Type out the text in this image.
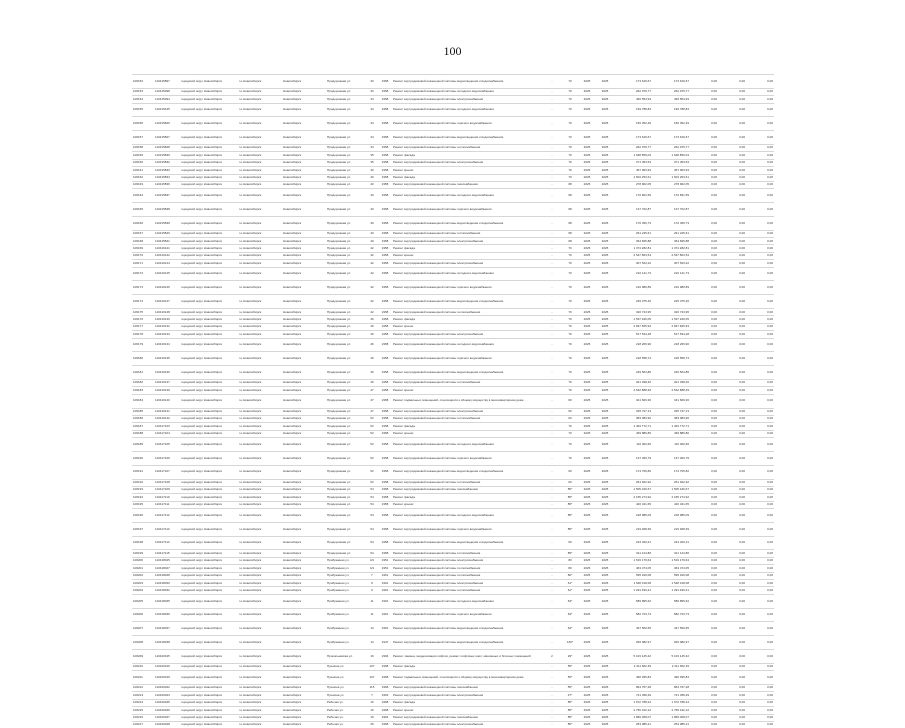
100
106152	110415897	городской округ Новосибирск	г.о.Новосибирск	Новосибирск	Придорожная ул.	33	1958	Ремонт внутридомовой инженерной системы водоотведения и водоснабжения	-	70	2025	2025	173 619,67	173 619,67	0,00	0,00	0,00
106153	110415098	городской округ Новосибирск	г.о.Новосибирск	Новосибирск	Придорожная ул.	33	1958	Ремонт внутридомовой инженерной системы холодного водоснабжения	-	70	2025	2025	262 979,77	262 979,77	0,00	0,00	0,00
106154	110415094	городской округ Новосибирск	г.о.Новосибирск	Новосибирск	Придорожная ул.	34	1958	Ремонт внутридомовой инженерной системы электроснабжения	-	70	2025	2025	466 554,93	466 554,93	0,00	0,00	0,00
106155	110415425	городской округ Новосибирск	г.о.Новосибирск	Новосибирск	Придорожная ул.	34	1958	Ремонт внутридомовой инженерной системы холодного водоснабжения	-	70	2025	2025	199 788,84	199 788,84	0,00	0,00	0,00
106156	110415826	городской округ Новосибирск	г.о.Новосибирск	Новосибирск	Придорожная ул.	34	1958	Ремонт внутридомовой инженерной системы горячего водоснабжения	-	70	2025	2025	156 352,49	156 352,49	0,00	0,00	0,00
106157	110415827	городской округ Новосибирск	г.о.Новосибирск	Новосибирск	Придорожная ул.	34	1958	Ремонт внутридомовой инженерной системы водоотведения и водоснабжения	-	70	2025	2025	173 619,67	173 619,67	0,00	0,00	0,00
106158	110415828	городской округ Новосибирск	г.о.Новосибирск	Новосибирск	Придорожная ул.	34	1958	Ремонт внутридомовой инженерной системы теплоснабжения	-	70	2025	2025	262 979,77	262 979,77	0,00	0,00	0,00
106159	110415830	городской округ Новосибирск	г.о.Новосибирск	Новосибирск	Придорожная ул.	35	1958	Ремонт фасада	-	70	2025	2025	1 648 859,03	1 648 859,03	0,00	0,00	0,00
106160	110415832	городской округ Новосибирск	г.о.Новосибирск	Новосибирск	Придорожная ул.	35	1958	Ремонт внутридомовой инженерной системы электроснабжения	-	70	2025	2025	371 353,53	371 353,53	0,00	0,00	0,00
106161	110415833	городской округ Новосибирск	г.о.Новосибирск	Новосибирск	Придорожная ул.	40	1958	Ремонт крыши	-	70	2025	2025	457 963,93	457 963,93	0,00	0,00	0,00
106162	110415834	городской округ Новосибирск	г.о.Новосибирск	Новосибирск	Придорожная ул.	40	1958	Ремонт фасада	-	70	2025	2025	1 603 253,61	1 603 253,61	0,00	0,00	0,00
106163	110415836	городской округ Новосибирск	г.о.Новосибирск	Новосибирск	Придорожная ул.	40	1958	Ремонт внутридомовой инженерной системы газоснабжения	-	68	2025	2025	278 962,05	278 962,05	0,00	0,00	0,00
106164	110415837	городской округ Новосибирск	г.о.Новосибирск	Новосибирск	Придорожная ул.	40	1958	Ремонт внутридомовой инженерной системы холодного водоснабжения	-	68	2025	2025	170 821,59	170 821,59	0,00	0,00	0,00
106165	110415838	городской округ Новосибирск	г.о.Новосибирск	Новосибирск	Придорожная ул.	40	1958	Ремонт внутридомовой инженерной системы горячего водоснабжения	-	68	2025	2025	137 702,87	137 702,87	0,00	0,00	0,00
106166	110415839	городской округ Новосибирск	г.о.Новосибирск	Новосибирск	Придорожная ул.	40	1958	Ремонт внутридомовой инженерной системы водоотведения и водоснабжения	-	68	2025	2025	170 459,73	170 459,73	0,00	0,00	0,00
106167	110415840	городской округ Новосибирск	г.о.Новосибирск	Новосибирск	Придорожная ул.	40	1958	Ремонт внутридомовой инженерной системы теплоснабжения	-	68	2025	2025	261 245,61	261 245,61	0,00	0,00	0,00
106168	110415841	городской округ Новосибирск	г.о.Новосибирск	Новосибирск	Придорожная ул.	40	1958	Ремонт внутридомовой инженерной системы электроснабжения	-	68	2025	2025	364 845,88	364 845,88	0,00	0,00	0,00
106169	110416121	городской округ Новосибирск	г.о.Новосибирск	Новосибирск	Придорожная ул.	42	1958	Ремонт фасада	-	70	2025	2025	1 374 282,81	1 374 282,81	0,00	0,00	0,00
106170	110416122	городской округ Новосибирск	г.о.Новосибирск	Новосибирск	Придорожная ул.	42	1958	Ремонт крыши	-	70	2025	2025	2 547 863,54	2 547 863,54	0,00	0,00	0,00
106171	110416124	городской округ Новосибирск	г.о.Новосибирск	Новосибирск	Придорожная ул.	42	1958	Ремонт внутридомовой инженерной системы электроснабжения	-	70	2025	2025	307 523,22	307 523,22	0,00	0,00	0,00
106172	110416125	городской округ Новосибирск	г.о.Новосибирск	Новосибирск	Придорожная ул.	42	1958	Ремонт внутридомовой инженерной системы холодного водоснабжения	-	70	2025	2025	210 141,73	210 141,73	0,00	0,00	0,00
106173	110416126	городской округ Новосибирск	г.о.Новосибирск	Новосибирск	Придорожная ул.	42	1958	Ремонт внутридомовой инженерной системы горячего водоснабжения	-	70	2025	2025	210 980,89	210 980,89	0,00	0,00	0,00
106174	110416127	городской округ Новосибирск	г.о.Новосибирск	Новосибирск	Придорожная ул.	42	1958	Ремонт внутридомовой инженерной системы водоотведения и водоснабжения	-	70	2025	2025	245 375,40	245 375,40	0,00	0,00	0,00
106175	110416128	городской округ Новосибирск	г.о.Новосибирск	Новосибирск	Придорожная ул.	42	1958	Ремонт внутридомовой инженерной системы теплоснабжения	-	70	2025	2025	320 743,95	320 743,95	0,00	0,00	0,00
106176	110416130	городской округ Новосибирск	г.о.Новосибирск	Новосибирск	Придорожная ул.	46	1958	Ремонт фасада	-	70	2025	2025	1 537 946,05	1 537 946,05	0,00	0,00	0,00
106177	110416132	городской округ Новосибирск	г.о.Новосибирск	Новосибирск	Придорожная ул.	46	1958	Ремонт крыши	-	70	2025	2025	2 847 665,93	2 847 665,93	0,00	0,00	0,00
106178	110416133	городской округ Новосибирск	г.о.Новосибирск	Новосибирск	Придорожная ул.	46	1958	Ремонт внутридомовой инженерной системы электроснабжения	-	70	2025	2025	517 534,28	517 534,28	0,00	0,00	0,00
106179	110416134	городской округ Новосибирск	г.о.Новосибирск	Новосибирск	Придорожная ул.	46	1958	Ремонт внутридомовой инженерной системы холодного водоснабжения	-	70	2025	2025	218 266,90	218 266,90	0,00	0,00	0,00
106180	110416135	городской округ Новосибирск	г.о.Новосибирск	Новосибирск	Придорожная ул.	46	1958	Ремонт внутридомовой инженерной системы горячего водоснабжения	-	70	2025	2025	218 558,74	218 558,74	0,00	0,00	0,00
106181	110416136	городской округ Новосибирск	г.о.Новосибирск	Новосибирск	Придорожная ул.	46	1958	Ремонт внутридомовой инженерной системы водоотведения и водоснабжения	-	70	2025	2025	249 564,86	249 564,86	0,00	0,00	0,00
106182	110416137	городской округ Новосибирск	г.о.Новосибирск	Новосибирск	Придорожная ул.	46	1958	Ремонт внутридомовой инженерной системы теплоснабжения	-	70	2025	2025	321 038,40	321 038,40	0,00	0,00	0,00
106183	110416139	городской округ Новосибирск	г.о.Новосибирск	Новосибирск	Придорожная ул.	47	1958	Ремонт крыши	-	70	2025	2025	2 542 888,49	2 542 888,49	0,00	0,00	0,00
106184	110416140	городской округ Новосибирск	г.о.Новосибирск	Новосибирск	Придорожная ул.	47	1958	Ремонт подвальных помещений, относящихся к общему имуществу в многоквартирном доме	-	60	2025	2025	341 609,36	341 609,36	0,00	0,00	0,00
106185	110416141	городской округ Новосибирск	г.о.Новосибирск	Новосибирск	Придорожная ул.	47	1958	Ремонт внутридомовой инженерной системы электроснабжения	-	60	2025	2025	325 727,13	325 727,13	0,00	0,00	0,00
106186	110416142	городской округ Новосибирск	г.о.Новосибирск	Новосибирск	Придорожная ул.	52	1958	Ремонт внутридомовой инженерной системы теплоснабжения	-	60	2025	2025	383 083,90	383 083,90	0,00	0,00	0,00
106187	110417103	городской округ Новосибирск	г.о.Новосибирск	Новосибирск	Придорожная ул.	52	1958	Ремонт фасада	-	70	2025	2025	1 463 772,71	1 463 772,71	0,00	0,00	0,00
106188	110417104	городской округ Новосибирск	г.о.Новосибирск	Новосибирск	Придорожная ул.	52	1958	Ремонт крыши	-	70	2025	2025	469 886,80	469 886,80	0,00	0,00	0,00
106189	110417105	городской округ Новосибирск	г.о.Новосибирск	Новосибирск	Придорожная ул.	52	1958	Ремонт внутридомовой инженерной системы холодного водоснабжения	-	70	2025	2025	110 302,66	110 302,66	0,00	0,00	0,00
106190	110417106	городской округ Новосибирск	г.о.Новосибирск	Новосибирск	Придорожная ул.	52	1958	Ремонт внутридомовой инженерной системы горячего водоснабжения	-	70	2025	2025	137 360,79	137 360,79	0,00	0,00	0,00
106191	110417107	городской округ Новосибирск	г.о.Новосибирск	Новосибирск	Придорожная ул.	52	1958	Ремонт внутридомовой инженерной системы водоотведения и водоснабжения	-	60	2025	2025	174 766,82	174 766,82	0,00	0,00	0,00
106192	110417108	городской округ Новосибирск	г.о.Новосибирск	Новосибирск	Придорожная ул.	52	1958	Ремонт внутридомовой инженерной системы теплоснабжения	-	60	2025	2025	261 922,92	261 922,92	0,00	0,00	0,00
106193	110417109	городской округ Новосибирск	г.о.Новосибирск	Новосибирск	Придорожная ул.	54	1958	Ремонт внутридомовой инженерной системы газоснабжения	-	85*	2025	2025	1 505 346,67	1 505 346,67	0,00	0,00	0,00
106194	110417110	городской округ Новосибирск	г.о.Новосибирск	Новосибирск	Придорожная ул.	54	1958	Ремонт фасада	-	85*	2025	2025	2 155 274,92	2 155 274,92	0,00	0,00	0,00
106195	110417111	городской округ Новосибирск	г.о.Новосибирск	Новосибирск	Придорожная ул.	54	1958	Ремонт крыши	-	85*	2025	2025	420 341,65	420 341,65	0,00	0,00	0,00
106196	110417112	городской округ Новосибирск	г.о.Новосибирск	Новосибирск	Придорожная ул.	54	1958	Ремонт внутридомовой инженерной системы холодного водоснабжения	-	85*	2025	2025	218 986,09	218 986,09	0,00	0,00	0,00
106197	110417113	городской округ Новосибирск	г.о.Новосибирск	Новосибирск	Придорожная ул.	54	1958	Ремонт внутридомовой инженерной системы горячего водоснабжения	-	85*	2025	2025	219 928,39	219 928,39	0,00	0,00	0,00
106198	110417114	городской округ Новосибирск	г.о.Новосибирск	Новосибирск	Придорожная ул.	54	1958	Ремонт внутридомовой инженерной системы водоотведения и водоснабжения	-	60	2025	2025	244 320,21	244 320,21	0,00	0,00	0,00
106199	110417115	городской округ Новосибирск	г.о.Новосибирск	Новосибирск	Придорожная ул.	54	1958	Ремонт внутридомовой инженерной системы теплоснабжения	-	85*	2025	2025	321 124,86	321 124,86	0,00	0,00	0,00
106200	110418025	городской округ Новосибирск	г.о.Новосибирск	Новосибирск	Прибрежная ул.	4/1	1951	Ремонт внутридомовой инженерной системы электроснабжения	-	80	2025	2025	1 519 179,64	1 519 179,64	0,00	0,00	0,00
106201	110418027	городской округ Новосибирск	г.о.Новосибирск	Новосибирск	Прибрежная ул.	4/1	1951	Ремонт внутридомовой инженерной системы теплоснабжения	-	80	2025	2025	463 474,05	463 474,05	0,00	0,00	0,00
106202	110418028	городской округ Новосибирск	г.о.Новосибирск	Новосибирск	Прибрежная ул.	7	1961	Ремонт внутридомовой инженерной системы теплоснабжения	-	80*	2025	2025	595 916,08	595 916,08	0,00	0,00	0,00
106203	110418030	городской округ Новосибирск	г.о.Новосибирск	Новосибирск	Прибрежная ул.	9	1961	Ремонт внутридомовой инженерной системы электроснабжения	-	61*	2025	2025	1 548 318,08	1 548 318,08	0,00	0,00	0,00
106204	110418032	городской округ Новосибирск	г.о.Новосибирск	Новосибирск	Прибрежная ул.	9	1961	Ремонт внутридомовой инженерной системы теплоснабжения	-	61*	2025	2025	1 291 490,41	1 291 490,41	0,00	0,00	0,00
106205	110418035	городской округ Новосибирск	г.о.Новосибирск	Новосибирск	Прибрежная ул.	11	1961	Ремонт внутридомовой инженерной системы холодного водоснабжения	-	63*	2025	2025	589 895,62	589 895,62	0,00	0,00	0,00
106206	110418036	городской округ Новосибирск	г.о.Новосибирск	Новосибирск	Прибрежная ул.	11	1961	Ремонт внутридомовой инженерной системы горячего водоснабжения	-	63*	2025	2025	582 723,73	582 723,73	0,00	0,00	0,00
106207	110418037	городской округ Новосибирск	г.о.Новосибирск	Новосибирск	Прибрежная ул.	13	1961	Ремонт внутридомовой инженерной системы водоотведения и водоснабжения	-	63*	2025	2025	437 560,65	437 560,65	0,00	0,00	0,00
106208	110418038	городской округ Новосибирск	г.о.Новосибирск	Новосибирск	Прибрежная ул.	13	1947	Ремонт внутридомовой инженерной системы водоотведения и водоснабжения	-	160*	2025	2025	926 082,97	926 082,97	0,00	0,00	0,00
106209	110420015	городской округ Новосибирск	г.о.Новосибирск	Новосибирск	Прокопьевская ул.	16	1994	Ремонт, замена, модернизация лифтов, ремонт лифтовых шахт, машинных и блочных помещений	2	29*	2025	2025	5 103 125,42	5 103 125,42	0,00	0,00	0,00
106210	110420016	городской округ Новосибирск	г.о.Новосибирск	Новосибирск	Пушкина ул.	107	1968	Ремонт фасада	-	55*	2025	2025	2 411 662,39	2 411 662,39	0,00	0,00	0,00
106211	110420019	городской округ Новосибирск	г.о.Новосибирск	Новосибирск	Пушкина ул.	107	1968	Ремонт подвальных помещений, относящихся к общему имуществу в многоквартирном доме	-	55*	2025	2025	496 935,84	496 935,84	0,00	0,00	0,00
106212	110420022	городской округ Новосибирск	г.о.Новосибирск	Новосибирск	Пушкина ул.	115	1968	Ремонт внутридомовой инженерной системы газоснабжения	-	55*	2025	2025	864 767,28	864 767,28	0,00	0,00	0,00
106213	110420023	городской округ Новосибирск	г.о.Новосибирск	Новосибирск	Пушкина ул.	7	1963	Ремонт внутридомовой инженерной системы электроснабжения	-	47*	2025	2025	741 458,49	741 458,49	0,00	0,00	0,00
106214	110420025	городской округ Новосибирск	г.о.Новосибирск	Новосибирск	Рабочая ул.	16	1968	Ремонт фасада	-	85*	2025	2025	1 672 788,24	1 672 788,24	0,00	0,00	0,00
106215	110420026	городской округ Новосибирск	г.о.Новосибирск	Новосибирск	Рабочая ул.	16	1968	Ремонт крыши	-	85*	2025	2025	2 766 342,12	2 766 342,12	0,00	0,00	0,00
106216	110420027	городской округ Новосибирск	г.о.Новосибирск	Новосибирск	Рабочая ул.	19	1964	Ремонт внутридомовой инженерной системы газоснабжения	-	85*	2025	2025	1 869 068,07	1 869 068,07	0,00	0,00	0,00
106217	110420028	городской округ Новосибирск	г.о.Новосибирск	Новосибирск	Рабочая ул.	25	1968	Ремонт внутридомовой инженерной системы электроснабжения	-	85*	2025	2025	253 985,21	253 985,21	0,00	0,00	0,00
